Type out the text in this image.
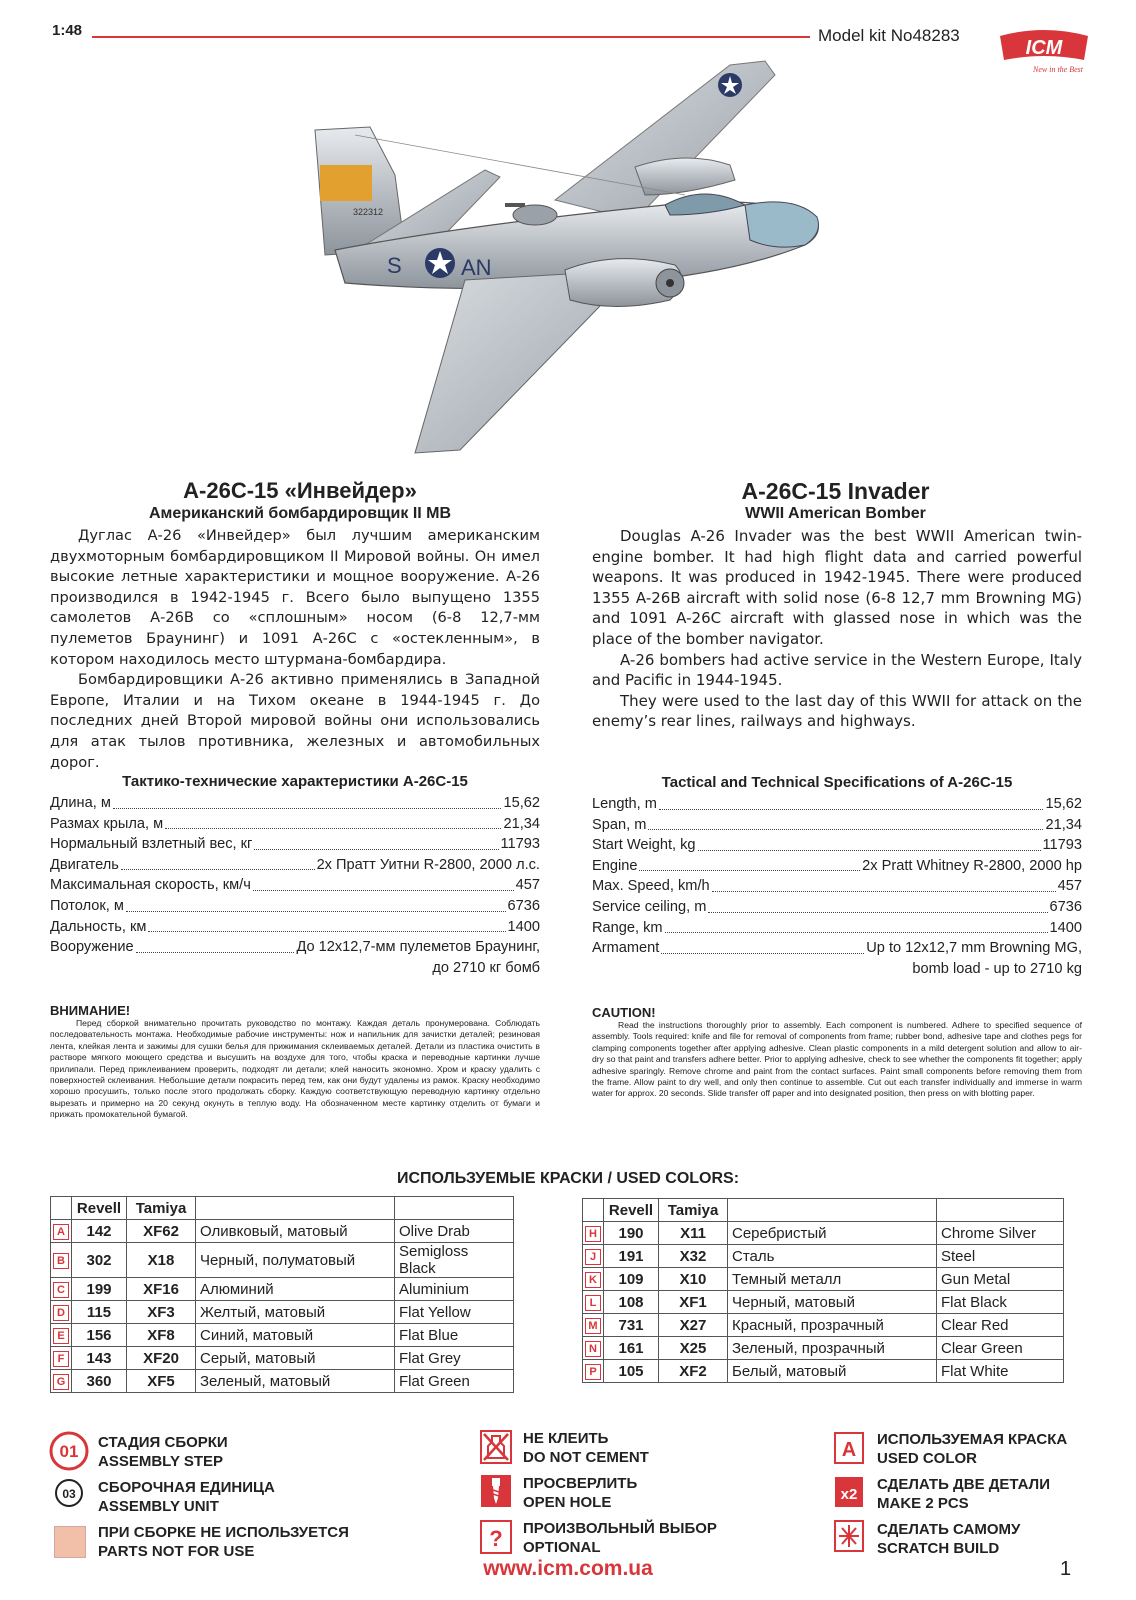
1:48	Model kit No48283
ICM
New in the Best
322312
S	AN
A-26C-15 «Инвейдер»
Американский бомбардировщик II МВ
A-26C-15 Invader
WWII American Bomber

Дуглас А-26 «Инвейдер» был лучшим американским двухмоторным бомбардировщиком II Мировой войны. Он имел высокие летные характеристики и мощное вооружение. А-26 производился в 1942-1945 г. Всего было выпущено 1355 самолетов А-26В со «сплошным» носом (6-8 12,7-мм пулеметов Браунинг) и 1091 А-26С с «остекленным», в котором находилось место штурмана-бомбардира.

Бомбардировщики А-26 активно применялись в Западной Европе, Италии и на Тихом океане в 1944-1945 г. До последних дней Второй мировой войны они использовались для атак тылов противника, железных и автомобильных дорог.

Douglas A-26 Invader was the best WWII American twin-engine bomber. It had high flight data and carried powerful weapons. It was produced in 1942-1945. There were produced 1355 A-26B aircraft with solid nose (6-8 12,7 mm Browning MG) and 1091 A-26C aircraft with glassed nose in which was the place of the bomber navigator.

A-26 bombers had active service in the Western Europe, Italy and Pacific in 1944-1945.

They were used to the last day of this WWII for attack on the enemy’s rear lines, railways and highways.

Тактико-технические характеристики А-26С-15
Длина, м	15,62
Размах крыла, м	21,34
Нормальный взлетный вес, кг	11793
Двигатель	2х Пратт Уитни R-2800, 2000 л.с.
Максимальная скорость, км/ч	457
Потолок, м	6736
Дальность, км	1400
Вооружение	До 12х12,7-мм пулеметов Браунинг,
до 2710 кг бомб
Tactical and Technical Specifications of A-26C-15
Length, m	15,62
Span, m	21,34
Start Weight, kg	11793
Engine	2x Pratt Whitney R-2800, 2000 hp
Max. Speed, km/h	457
Service ceiling, m	6736
Range, km	1400
Armament	Up to 12x12,7 mm Browning MG,
bomb load - up to 2710 kg
ВНИМАНИЕ!
Перед сборкой внимательно прочитать руководство по монтажу. Каждая деталь пронумерована. Соблюдать последовательность монтажа. Необходимые рабочие инструменты: нож и напильник для зачистки деталей; резиновая лента, клейкая лента и зажимы для сушки белья для прижимания склеиваемых деталей. Детали из пластика очистить в растворе мягкого моющего средства и высушить на воздухе для того, чтобы краска и переводные картинки лучше прилипали. Перед приклеиванием проверить, подходят ли детали; клей наносить экономно. Хром и краску удалить с поверхностей склеивания. Небольшие детали покрасить перед тем, как они будут удалены из рамок. Краску необходимо хорошо просушить, только после этого продолжать сборку. Каждую соответствующую переводную картинку отдельно вырезать и примерно на 20 секунд окунуть в теплую воду. На обозначенном месте картинку отделить от бумаги и прижать промокательной бумагой.
CAUTION!
Read the instructions thoroughly prior to assembly. Each component is numbered. Adhere to specified sequence of assembly. Tools required: knife and file for removal of components from frame; rubber bond, adhesive tape and clothes pegs for clamping components together after applying adhesive. Clean plastic components in a mild detergent solution and allow to air-dry so that paint and transfers adhere better. Prior to applying adhesive, check to see whether the components fit together; apply adhesive sparingly. Remove chrome and paint from the contact surfaces. Paint small components before removing them from the frame. Allow paint to dry well, and only then continue to assemble. Cut out each transfer individually and immerse in warm water for approx. 20 seconds. Slide transfer off paper and into designated position, then press on with blotting paper.
ИСПОЛЬЗУЕМЫЕ КРАСКИ / USED COLORS:
	Revell	Tamiya		
A	142	XF62	Оливковый, матовый	Olive Drab
B	302	X18	Черный, полуматовый	Semigloss Black
C	199	XF16	Алюминий	Aluminium
D	115	XF3	Желтый, матовый	Flat Yellow
E	156	XF8	Синий, матовый	Flat Blue
F	143	XF20	Серый, матовый	Flat Grey
G	360	XF5	Зеленый, матовый	Flat Green
	Revell	Tamiya		
H	190	X11	Серебристый	Chrome Silver
J	191	X32	Сталь	Steel
K	109	X10	Темный металл	Gun Metal
L	108	XF1	Черный, матовый	Flat Black
M	731	X27	Красный, прозрачный	Clear Red
N	161	X25	Зеленый, прозрачный	Clear Green
P	105	XF2	Белый, матовый	Flat White
01 СТАДИЯ СБОРКИ
ASSEMBLY STEP
03 СБОРОЧНАЯ ЕДИНИЦА
ASSEMBLY UNIT
ПРИ СБОРКЕ НЕ ИСПОЛЬЗУЕТСЯ
PARTS NOT FOR USE
НЕ КЛЕИТЬ
DO NOT CEMENT
ПРОСВЕРЛИТЬ
OPEN HOLE
? ПРОИЗВОЛЬНЫЙ ВЫБОР
OPTIONAL
A ИСПОЛЬЗУЕМАЯ КРАСКА
USED COLOR
x2
СДЕЛАТЬ ДВЕ ДЕТАЛИ
MAKE 2 PCS
СДЕЛАТЬ САМОМУ
SCRATCH BUILD
www.icm.com.ua	1
